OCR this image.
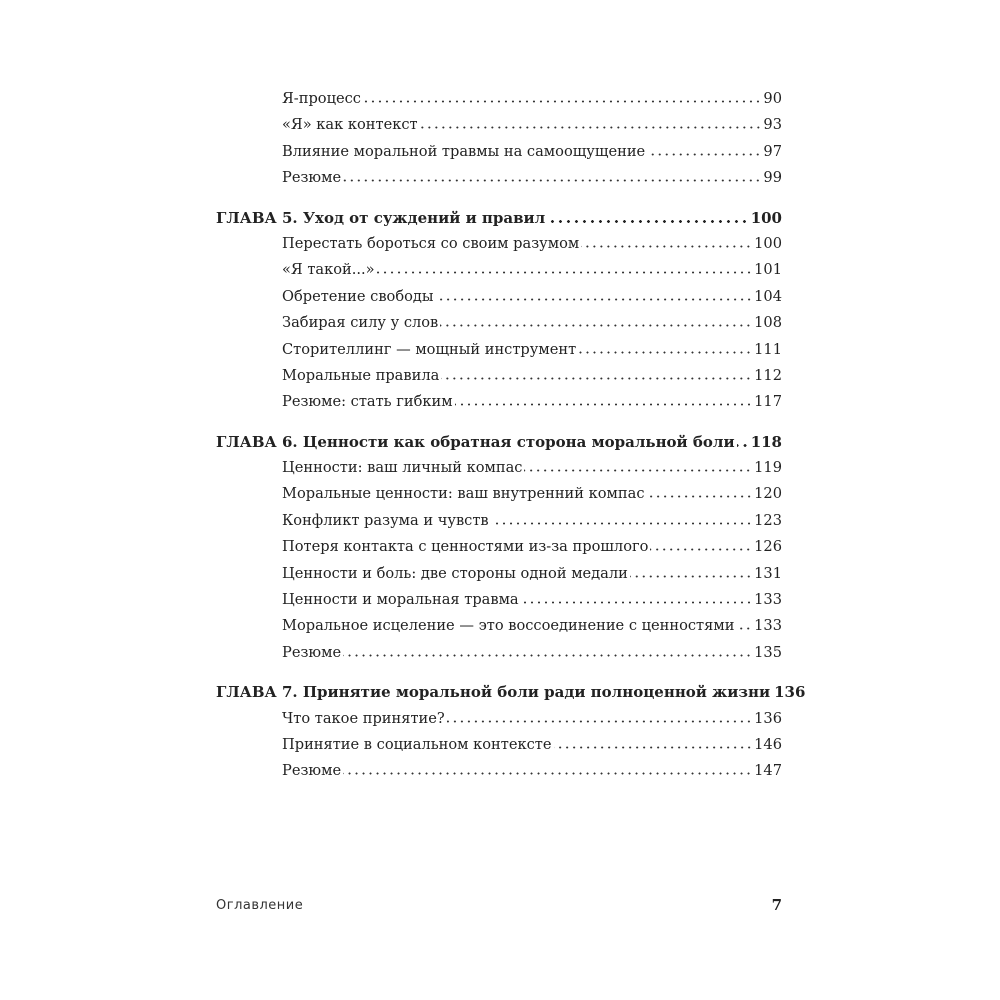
Я-процесс	90
«Я» как контекст	93
Влияние моральной травмы на самоощущение	97
Резюме	99
ГЛАВА 5. Уход от суждений и правил	100
Перестать бороться со своим разумом	100
«Я такой...»	101
Обретение свободы	104
Забирая силу у слов	108
Сторителлинг — мощный инструмент	111
Моральные правила	112
Резюме: стать гибким	117
ГЛАВА 6. Ценности как обратная сторона моральной боли 118
Ценности: ваш личный компас	119
Моральные ценности: ваш внутренний компас	120
Конфликт разума и чувств	123
Потеря контакта с ценностями из-за прошлого	126
Ценности и боль: две стороны одной медали	131
Ценности и моральная травма	133
Моральное исцеление — это воссоединение с ценностями 133
Резюме	135
ГЛАВА 7. Принятие моральной боли ради полноценной жизни 136
Что такое принятие?	136
Принятие в социальном контексте	146
Резюме	147
Оглавление	7
